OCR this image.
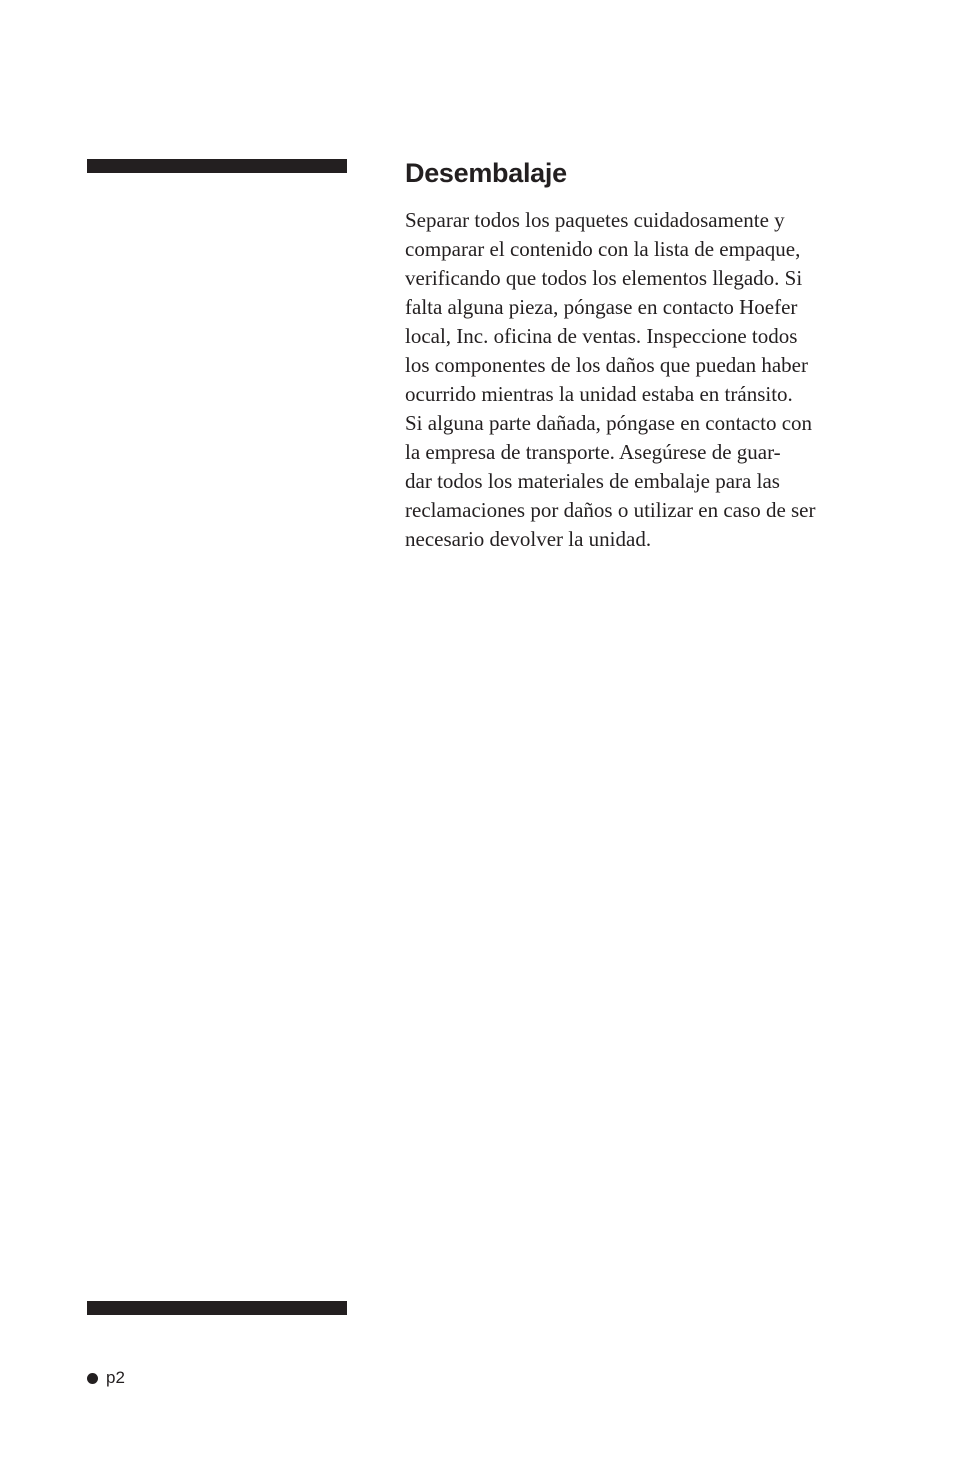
Desembalaje

Separar todos los paquetes cuidadosamente y
comparar el contenido con la lista de empaque,
verificando que todos los elementos llegado. Si
falta alguna pieza, póngase en contacto Hoefer
local, Inc. oficina de ventas. Inspeccione todos
los componentes de los daños que puedan haber
ocurrido mientras la unidad estaba en tránsito.
Si alguna parte dañada, póngase en contacto con
la empresa de transporte. Asegúrese de guar-
dar todos los materiales de embalaje para las
reclamaciones por daños o utilizar en caso de ser
necesario devolver la unidad.

p2
